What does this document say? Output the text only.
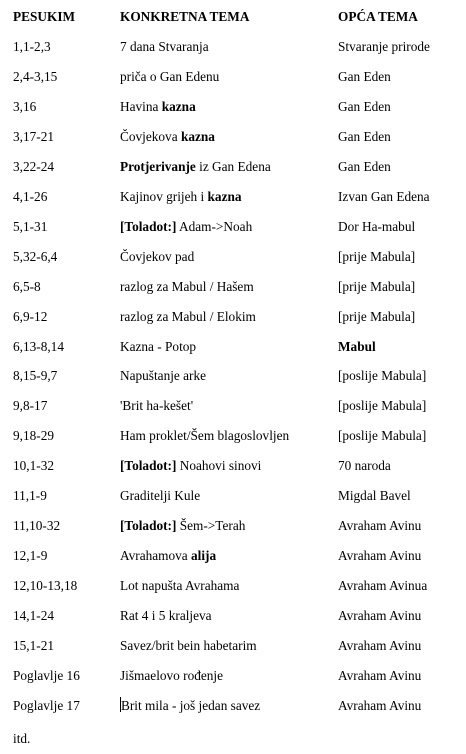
PESUKIM	KONKRETNA TEMA	OPĆA TEMA
1,1-2,3	7 dana Stvaranja	Stvaranje prirode
2,4-3,15	priča o Gan Edenu	Gan Eden
3,16	Havina kazna	Gan Eden
3,17-21	Čovjekova kazna	Gan Eden
3,22-24	Protjerivanje iz Gan Edena	Gan Eden
4,1-26	Kajinov grijeh i kazna	Izvan Gan Edena
5,1-31	[Toladot:] Adam->Noah	Dor Ha-mabul
5,32-6,4	Čovjekov pad	[prije Mabula]
6,5-8	razlog za Mabul / Hašem	[prije Mabula]
6,9-12	razlog za Mabul / Elokim	[prije Mabula]
6,13-8,14	Kazna - Potop	Mabul
8,15-9,7	Napuštanje arke	[poslije Mabula]
9,8-17	'Brit ha-kešet'	[poslije Mabula]
9,18-29	Ham proklet/Šem blagoslovljen	[poslije Mabula]
10,1-32	[Toladot:] Noahovi sinovi	70 naroda
11,1-9	Graditelji Kule	Migdal Bavel
11,10-32	[Toladot:] Šem->Terah	Avraham Avinu
12,1-9	Avrahamova alija	Avraham Avinu
12,10-13,18	Lot napušta Avrahama	Avraham Avinua
14,1-24	Rat 4 i 5 kraljeva	Avraham Avinu
15,1-21	Savez/brit bein habetarim	Avraham Avinu
Poglavlje 16	Jišmaelovo rođenje	Avraham Avinu
Poglavlje 17	Brit mila - još jedan savez	Avraham Avinu
itd.
